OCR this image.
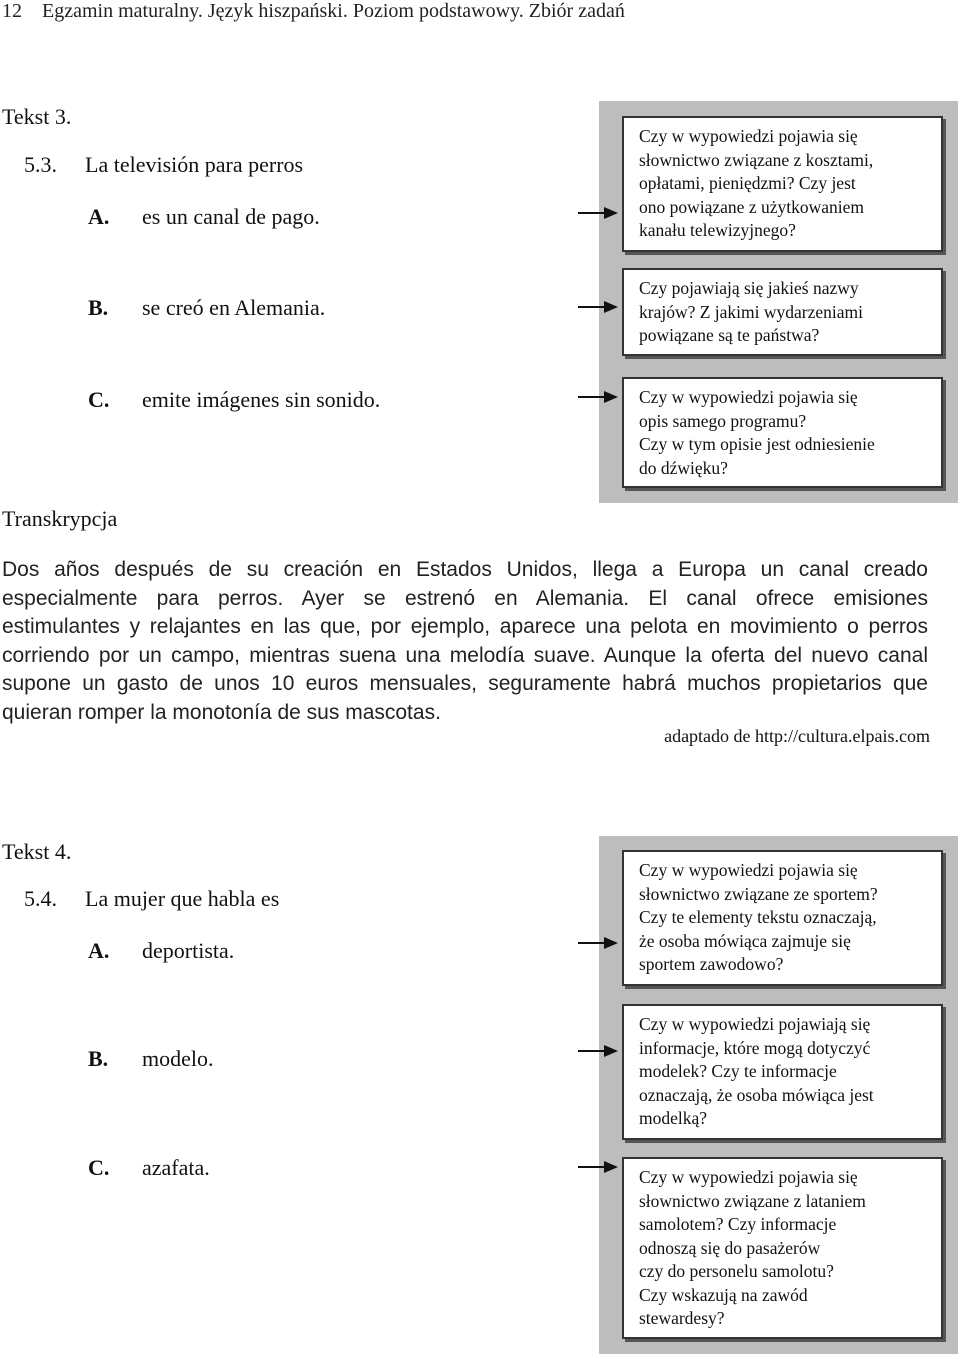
12    Egzamin maturalny. Język hiszpański. Poziom podstawowy. Zbiór zadań
Tekst 3.
5.3. La televisión para perros
A. es un canal de pago.
B. se creó en Alemania.
C. emite imágenes sin sonido.
Czy w wypowiedzi pojawia się
słownictwo związane z kosztami,
opłatami, pieniędzmi? Czy jest
ono powiązane z użytkowaniem
kanału telewizyjnego?
Czy pojawiają się jakieś nazwy
krajów? Z jakimi wydarzeniami
powiązane są te państwa?
Czy w wypowiedzi pojawia się
opis samego programu?
Czy w tym opisie jest odniesienie
do dźwięku?
Transkrypcja
Dos años después de su creación en Estados Unidos, llega a Europa un canal creado
especialmente para perros. Ayer se estrenó en Alemania. El canal ofrece emisiones
estimulantes y relajantes en las que, por ejemplo, aparece una pelota en movimiento o perros
corriendo por un campo, mientras suena una melodía suave. Aunque la oferta del nuevo canal
supone un gasto de unos 10 euros mensuales, seguramente habrá muchos propietarios que
quieran romper la monotonía de sus mascotas.
adaptado de http://cultura.elpais.com
Tekst 4.
5.4. La mujer que habla es
A. deportista.
B. modelo.
C. azafata.
Czy w wypowiedzi pojawia się
słownictwo związane ze sportem?
Czy te elementy tekstu oznaczają,
że osoba mówiąca zajmuje się
sportem zawodowo?
Czy w wypowiedzi pojawiają się
informacje, które mogą dotyczyć
modelek? Czy te informacje
oznaczają, że osoba mówiąca jest
modelką?
Czy w wypowiedzi pojawia się
słownictwo związane z lataniem
samolotem? Czy informacje
odnoszą się do pasażerów
czy do personelu samolotu?
Czy wskazują na zawód
stewardesy?
